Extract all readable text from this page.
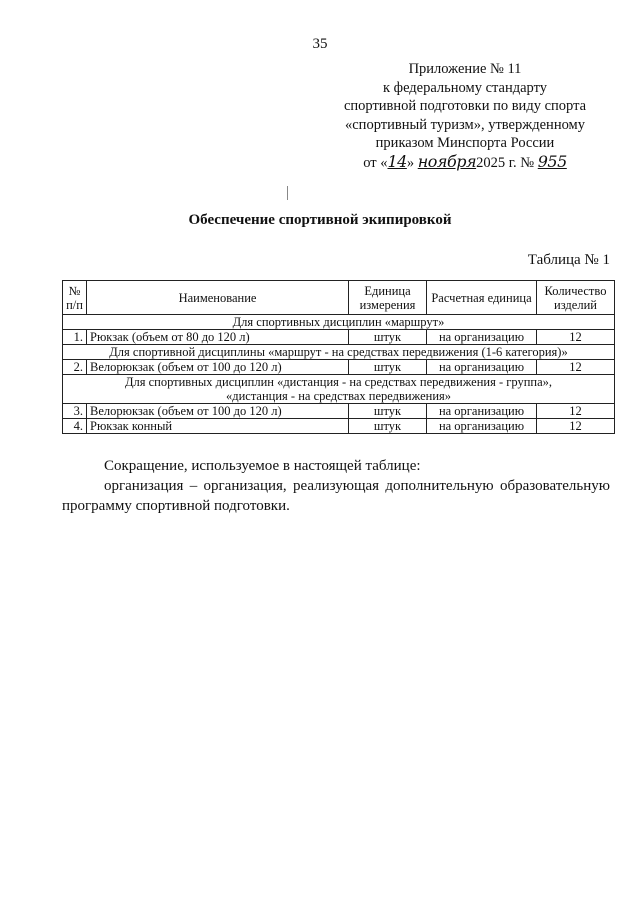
35
Приложение № 11
к федеральному стандарту
спортивной подготовки по виду спорта
«спортивный туризм», утвержденному
приказом Минспорта России
от «14» ноября2025 г. № 955
Обеспечение спортивной экипировкой
Таблица № 1
№ п/п	Наименование	Единица измерения	Расчетная единица	Количество изделий
Для спортивных дисциплин «маршрут»				
1.	Рюкзак (объем от 80 до 120 л)	штук	на организацию	12
Для спортивной дисциплины «маршрут - на средствах передвижения (1-6 категория)»				
2.	Велорюкзак (объем от 100 до 120 л)	штук	на организацию	12

Для спортивных дисциплин «дистанция - на средствах передвижения - группа»,
«дистанция - на средствах передвижения»				

3.	Велорюкзак (объем от 100 до 120 л)	штук	на организацию	12
4.	Рюкзак конный	штук	на организацию	12

Сокращение, используемое в настоящей таблице:

организация – организация, реализующая дополнительную образовательную программу спортивной подготовки.
